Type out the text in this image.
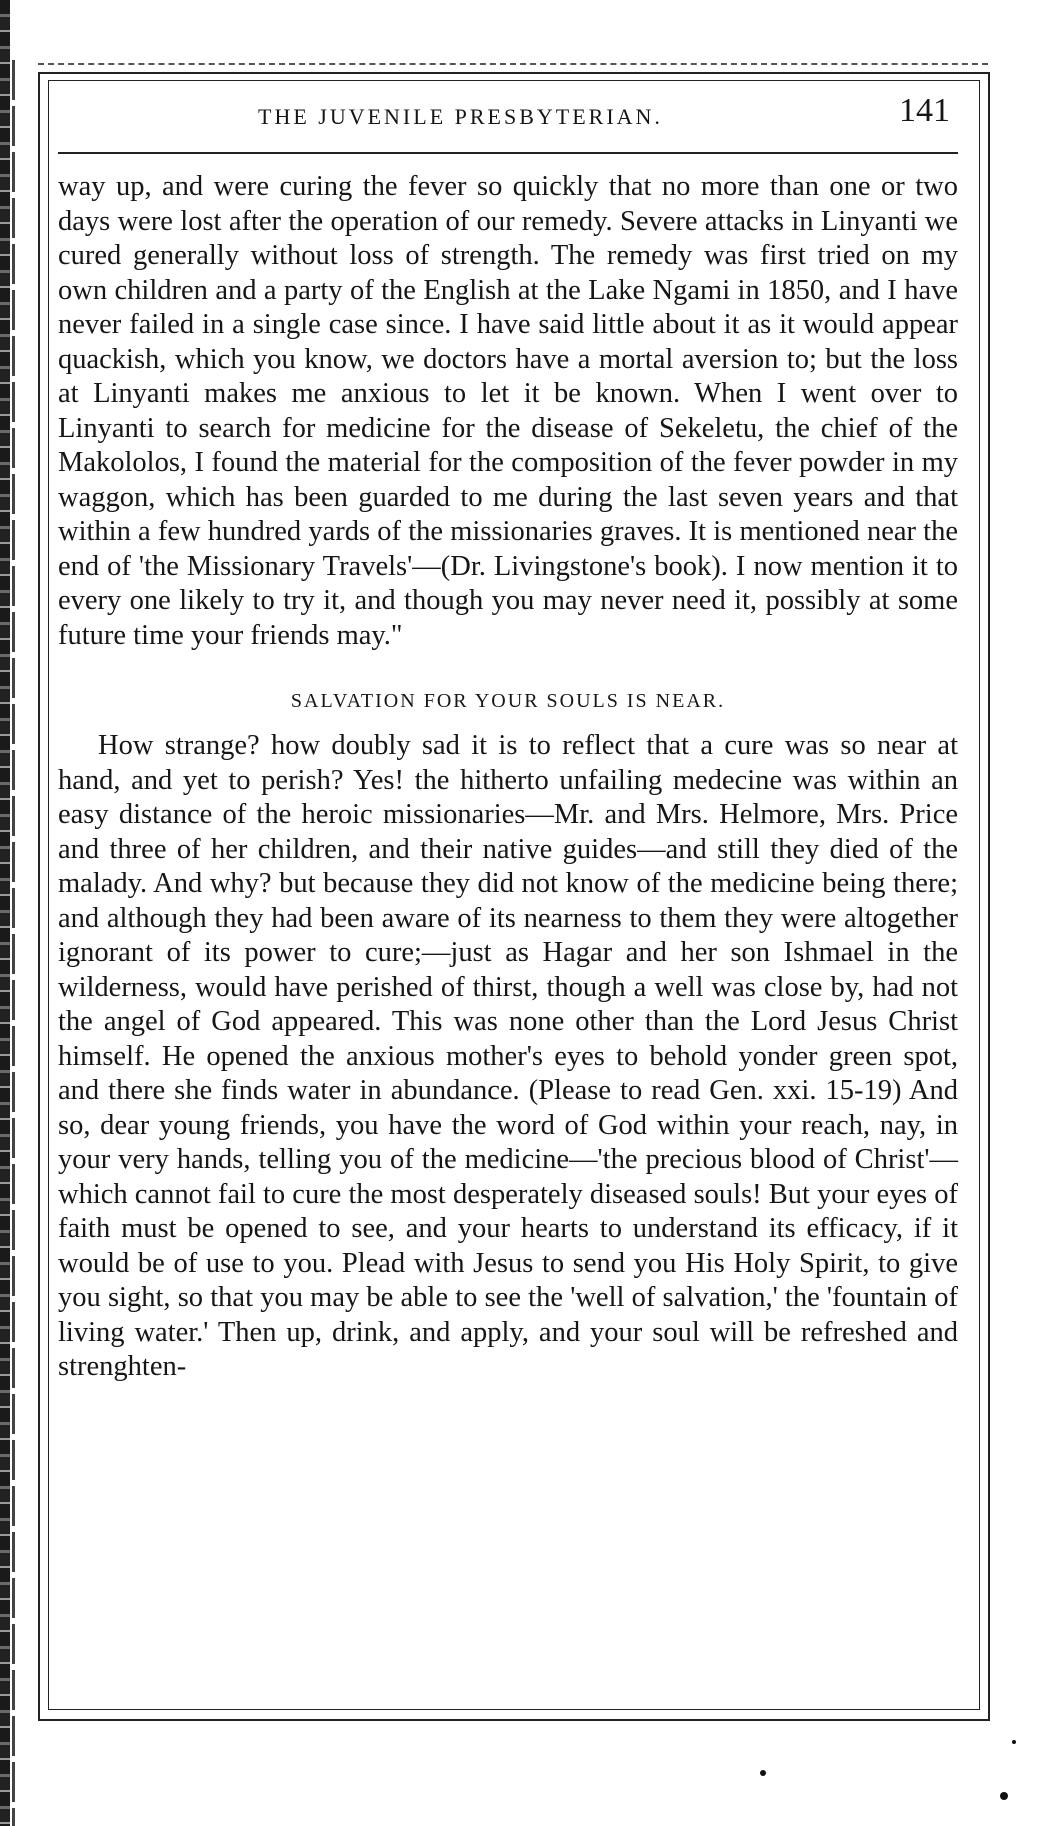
THE JUVENILE PRESBYTERIAN.	141

way up, and were curing the fever so quickly that no more than one or two days were lost after the operation of our remedy. Severe attacks in Linyanti we cured generally without loss of strength. The remedy was first tried on my own children and a party of the English at the Lake Ngami in 1850, and I have never failed in a single case since. I have said little about it as it would appear quackish, which you know, we doctors have a mortal aversion to; but the loss at Linyanti makes me anxious to let it be known. When I went over to Linyanti to search for medicine for the disease of Sekeletu, the chief of the Makololos, I found the material for the composition of the fever powder in my waggon, which has been guarded to me during the last seven years and that within a few hundred yards of the missionaries graves. It is mentioned near the end of 'the Missionary Travels'—(Dr. Livingstone's book). I now mention it to every one likely to try it, and though you may never need it, possibly at some future time your friends may."

SALVATION FOR YOUR SOULS IS NEAR.

How strange? how doubly sad it is to reflect that a cure was so near at hand, and yet to perish? Yes! the hitherto unfailing medecine was within an easy distance of the heroic missionaries—Mr. and Mrs. Helmore, Mrs. Price and three of her children, and their native guides—and still they died of the malady. And why? but because they did not know of the medicine being there; and although they had been aware of its nearness to them they were altogether ignorant of its power to cure;—just as Hagar and her son Ishmael in the wilderness, would have perished of thirst, though a well was close by, had not the angel of God appeared. This was none other than the Lord Jesus Christ himself. He opened the anxious mother's eyes to behold yonder green spot, and there she finds water in abundance. (Please to read Gen. xxi. 15-19) And so, dear young friends, you have the word of God within your reach, nay, in your very hands, telling you of the medicine—'the precious blood of Christ'—which cannot fail to cure the most desperately diseased souls! But your eyes of faith must be opened to see, and your hearts to understand its efficacy, if it would be of use to you. Plead with Jesus to send you His Holy Spirit, to give you sight, so that you may be able to see the 'well of salvation,' the 'fountain of living water.' Then up, drink, and apply, and your soul will be refreshed and strenghten-
